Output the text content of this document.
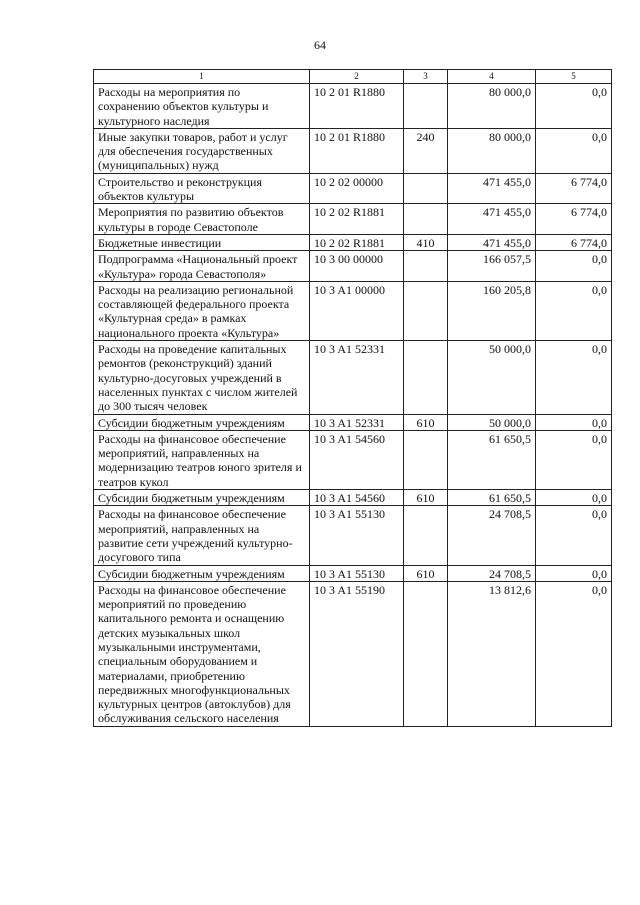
64
1	2	3	4	5
Расходы на мероприятия по сохранению объектов культуры и культурного наследия	10 2 01 R1880		80 000,0	0,0
Иные закупки товаров, работ и услуг для обеспечения государственных (муниципальных) нужд	10 2 01 R1880	240	80 000,0	0,0
Строительство и реконструкция объектов культуры	10 2 02 00000		471 455,0	6 774,0
Мероприятия по развитию объектов культуры в городе Севастополе	10 2 02 R1881		471 455,0	6 774,0
Бюджетные инвестиции	10 2 02 R1881	410	471 455,0	6 774,0
Подпрограмма «Национальный проект «Культура» города Севастополя»	10 3 00 00000		166 057,5	0,0
Расходы на реализацию региональной составляющей федерального проекта «Культурная среда» в рамках национального проекта «Культура»	10 3 A1 00000		160 205,8	0,0
Расходы на проведение капитальных ремонтов (реконструкций) зданий культурно-досуговых учреждений в населенных пунктах с числом жителей до 300 тысяч человек	10 3 A1 52331		50 000,0	0,0
Субсидии бюджетным учреждениям	10 3 A1 52331	610	50 000,0	0,0
Расходы на финансовое обеспечение мероприятий, направленных на модернизацию театров юного зрителя и театров кукол	10 3 A1 54560		61 650,5	0,0
Субсидии бюджетным учреждениям	10 3 A1 54560	610	61 650,5	0,0
Расходы на финансовое обеспечение мероприятий, направленных на развитие сети учреждений культурно-досугового типа	10 3 A1 55130		24 708,5	0,0
Субсидии бюджетным учреждениям	10 3 A1 55130	610	24 708,5	0,0
Расходы на финансовое обеспечение мероприятий по проведению капитального ремонта и оснащению детских музыкальных школ музыкальными инструментами, специальным оборудованием и материалами, приобретению передвижных многофункциональных культурных центров (автоклубов) для обслуживания сельского населения	10 3 A1 55190		13 812,6	0,0
